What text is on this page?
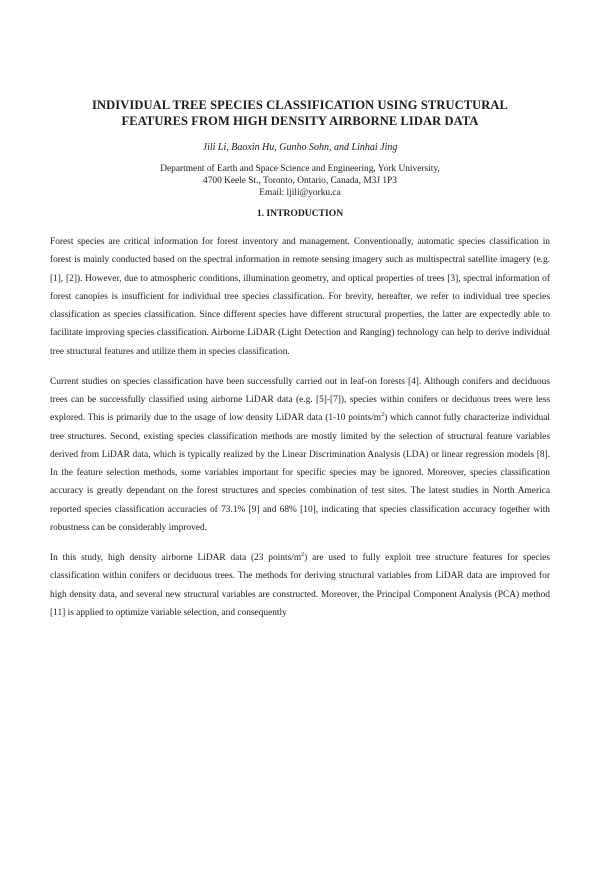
INDIVIDUAL TREE SPECIES CLASSIFICATION USING STRUCTURAL
FEATURES FROM HIGH DENSITY AIRBORNE LIDAR DATA
Jili Li, Baoxin Hu, Gunho Sohn, and Linhai Jing
Department of Earth and Space Science and Engineering, York University,
4700 Keele St., Toronto, Ontario, Canada, M3J 1P3
Email: ljili@yorku.ca
1. INTRODUCTION

Forest species are critical information for forest inventory and management. Conventionally, automatic species classification in forest is mainly conducted based on the spectral information in remote sensing imagery such as multispectral satellite imagery (e.g. [1], [2]). However, due to atmospheric conditions, illumination geometry, and optical properties of trees [3], spectral information of forest canopies is insufficient for individual tree species classification. For brevity, hereafter, we refer to individual tree species classification as species classification. Since different species have different structural properties, the latter are expectedly able to facilitate improving species classification. Airborne LiDAR (Light Detection and Ranging) technology can help to derive individual tree structural features and utilize them in species classification.

Current studies on species classification have been successfully carried out in leaf-on forests [4]. Although conifers and deciduous trees can be successfully classified using airborne LiDAR data (e.g. [5]-[7]), species within conifers or deciduous trees were less explored. This is primarily due to the usage of low density LiDAR data (1-10 points/$m^2$) which cannot fully characterize individual tree structures. Second, existing species classification methods are mostly limited by the selection of structural feature variables derived from LiDAR data, which is typically realized by the Linear Discrimination Analysis (LDA) or linear regression models [8]. In the feature selection methods, some variables important for specific species may be ignored. Moreover, species classification accuracy is greatly dependant on the forest structures and species combination of test sites. The latest studies in North America reported species classification accuracies of 73.1% [9] and 68% [10], indicating that species classification accuracy together with robustness can be considerably improved.

In this study, high density airborne LiDAR data (23 points/$m^2$) are used to fully exploit tree structure features for species classification within conifers or deciduous trees. The methods for deriving structural variables from LiDAR data are improved for high density data, and several new structural variables are constructed. Moreover, the Principal Component Analysis (PCA) method [11] is applied to optimize variable selection, and consequently
